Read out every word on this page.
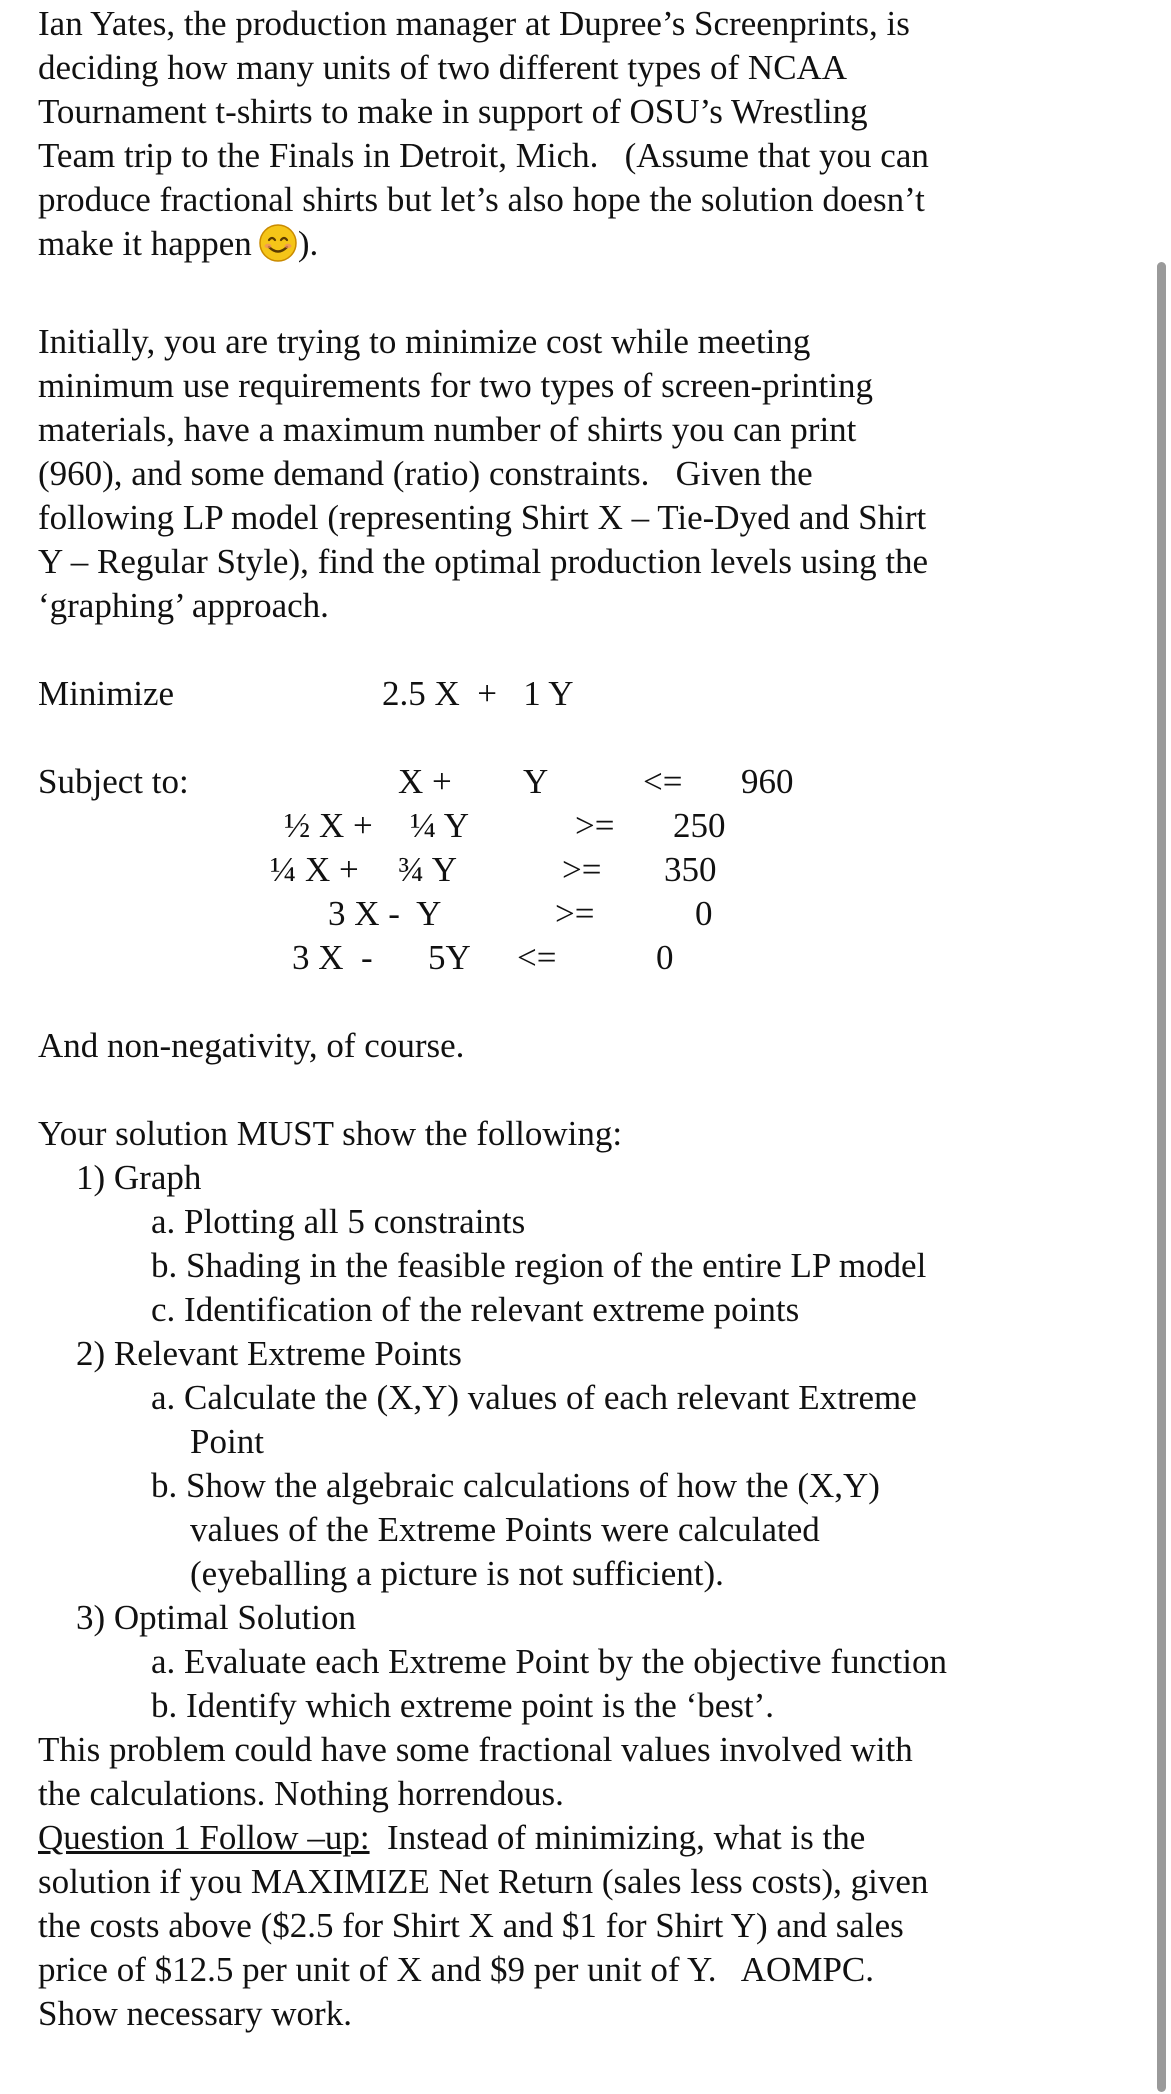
Ian Yates, the production manager at Dupree’s Screenprints, is
deciding how many units of two different types of NCAA
Tournament t-shirts to make in support of OSU’s Wrestling
Team trip to the Finals in Detroit, Mich.   (Assume that you can
produce fractional shirts but let’s also hope the solution doesn’t
make it happen ).
Initially, you are trying to minimize cost while meeting
minimum use requirements for two types of screen-printing
materials, have a maximum number of shirts you can print
(960), and some demand (ratio) constraints.   Given the
following LP model (representing Shirt X – Tie-Dyed and Shirt
Y – Regular Style), find the optimal production levels using the
‘graphing’ approach.
Minimize	2.5 X  +   1 Y
Subject to:	X + Y	<= 960
½ X + ¼ Y	>= 250
¼ X + ¾ Y	>= 350
3 X -  Y	>=	0
3 X  - 5Y <=	0
And non-negativity, of course.
Your solution MUST show the following:
1) Graph
a. Plotting all 5 constraints
b. Shading in the feasible region of the entire LP model
c. Identification of the relevant extreme points
2) Relevant Extreme Points
a. Calculate the (X,Y) values of each relevant Extreme
Point
b. Show the algebraic calculations of how the (X,Y)
values of the Extreme Points were calculated
(eyeballing a picture is not sufficient).
3) Optimal Solution
a. Evaluate each Extreme Point by the objective function
b. Identify which extreme point is the ‘best’.
This problem could have some fractional values involved with
the calculations. Nothing horrendous.
Question 1 Follow –up:  Instead of minimizing, what is the
solution if you MAXIMIZE Net Return (sales less costs), given
the costs above ($2.5 for Shirt X and $1 for Shirt Y) and sales
price of $12.5 per unit of X and $9 per unit of Y.   AOMPC.
Show necessary work.
